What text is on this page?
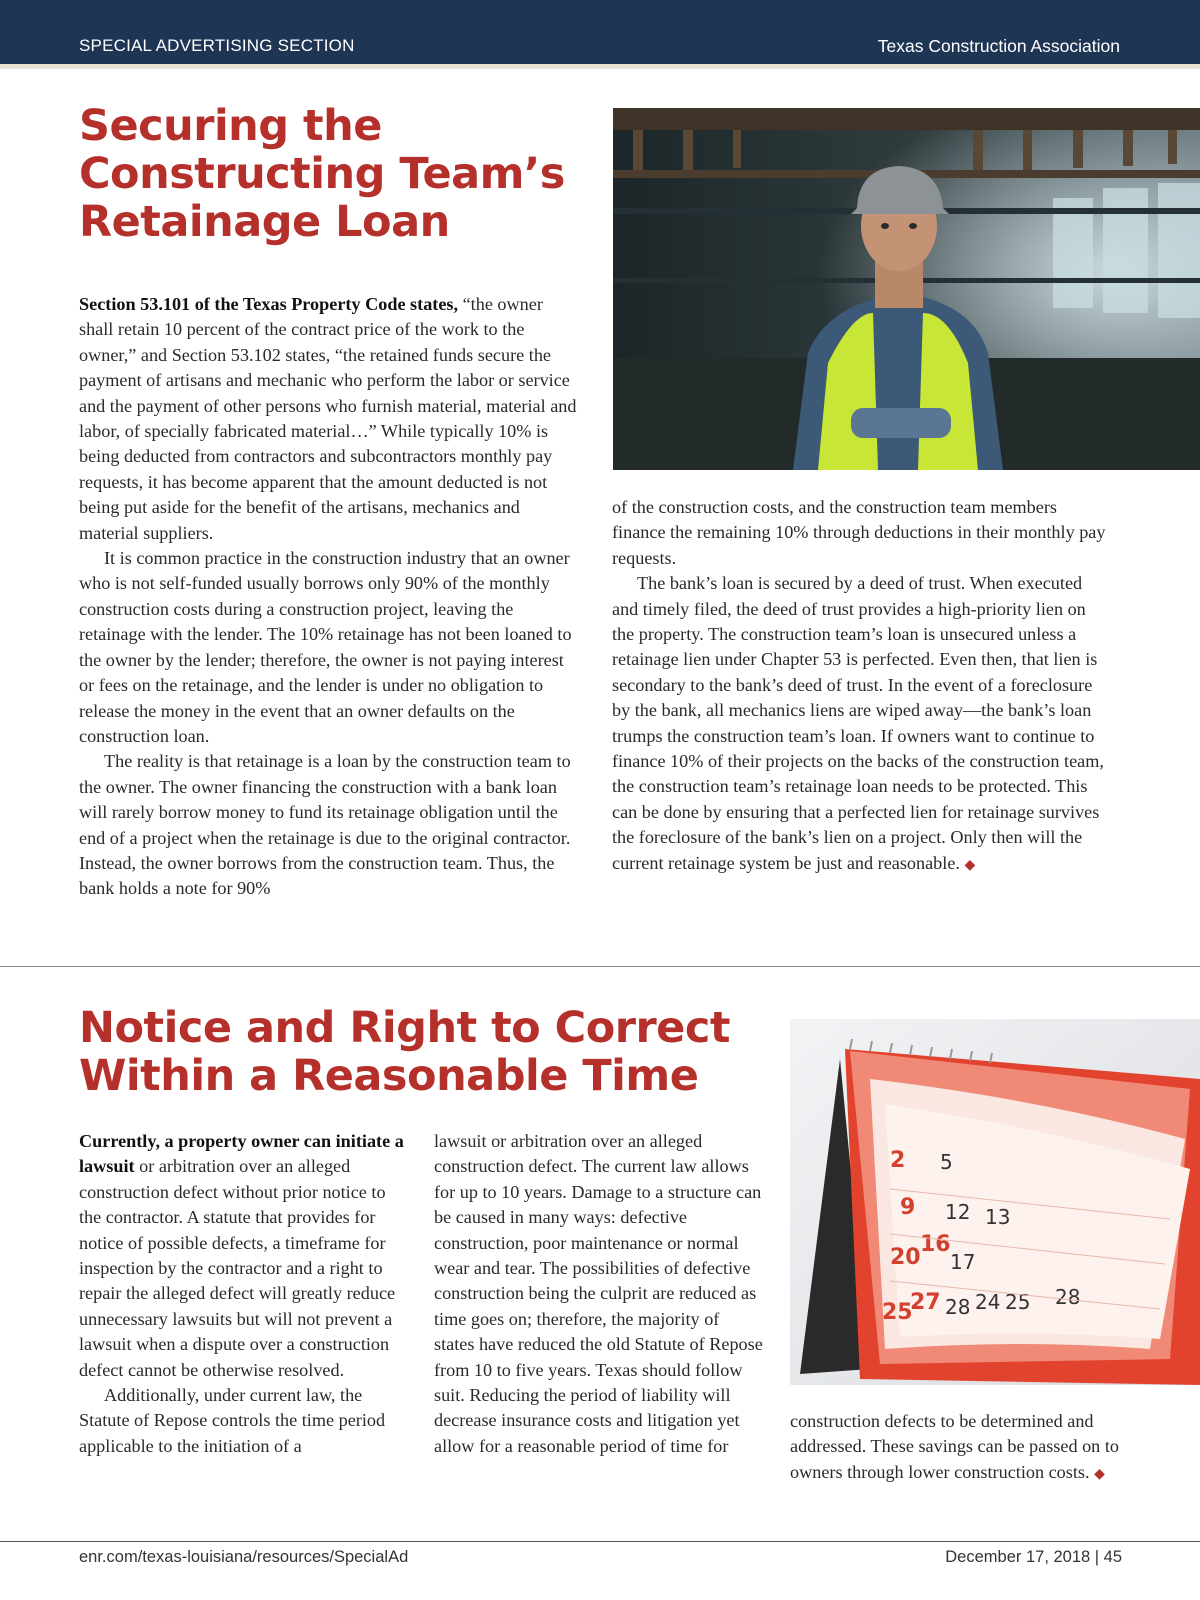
SPECIAL ADVERTISING SECTION	Texas Construction Association
Securing the
Constructing Team’s
Retainage Loan

Section 53.101 of the Texas Property Code states, “the owner shall retain 10 percent of the contract price of the work to the owner,” and Section 53.102 states, “the retained funds secure the payment of artisans and mechanic who perform the labor or service and the payment of other persons who furnish material, material and labor, of specially fabricated material…” While typically 10% is being deducted from contractors and subcontractors monthly pay requests, it has become apparent that the amount deducted is not being put aside for the benefit of the artisans, mechanics and material suppliers.

It is common practice in the construction industry that an owner who is not self-funded usually borrows only 90% of the monthly construction costs during a construction project, leaving the retainage with the lender. The 10% retainage has not been loaned to the owner by the lender; therefore, the owner is not paying interest or fees on the retainage, and the lender is under no obligation to release the money in the event that an owner defaults on the construction loan.

The reality is that retainage is a loan by the construction team to the owner. The owner financing the construction with a bank loan will rarely borrow money to fund its retainage obligation until the end of a project when the retainage is due to the original contractor. Instead, the owner borrows from the construction team. Thus, the bank holds a note for 90%

of the construction costs, and the construction team members finance the remaining 10% through deductions in their monthly pay requests.

The bank’s loan is secured by a deed of trust. When executed and timely filed, the deed of trust provides a high-priority lien on the property. The construction team’s loan is unsecured unless a retainage lien under Chapter 53 is perfected. Even then, that lien is secondary to the bank’s deed of trust. In the event of a foreclosure by the bank, all mechanics liens are wiped away—the bank’s loan trumps the construction team’s loan. If owners want to continue to finance 10% of their projects on the backs of the construction team, the construction team’s retainage loan needs to be protected. This can be done by ensuring that a perfected lien for retainage survives the foreclosure of the bank’s lien on a project. Only then will the current retainage system be just and reasonable. ◆

Notice and Right to Correct
Within a Reasonable Time

Currently, a property owner can initiate a lawsuit or arbitration over an alleged construction defect without prior notice to the contractor. A statute that provides for notice of possible defects, a timeframe for inspection by the contractor and a right to repair the alleged defect will greatly reduce unnecessary lawsuits but will not prevent a lawsuit when a dispute over a construction defect cannot be otherwise resolved.

Additionally, under current law, the Statute of Repose controls the time period applicable to the initiation of a

lawsuit or arbitration over an alleged construction defect. The current law allows for up to 10 years. Damage to a structure can be caused in many ways: defective construction, poor maintenance or normal wear and tear. The possibilities of defective construction being the culprit are reduced as time goes on; therefore, the majority of states have reduced the old Statute of Repose from 10 to five years. Texas should follow suit. Reducing the period of liability will decrease insurance costs and litigation yet allow for a reasonable period of time for

2
9
20
25
16
27
5
12 13
17
28 24 25 28

construction defects to be determined and addressed. These savings can be passed on to owners through lower construction costs. ◆

enr.com/texas-louisiana/resources/SpecialAd	December 17, 2018 | 45
